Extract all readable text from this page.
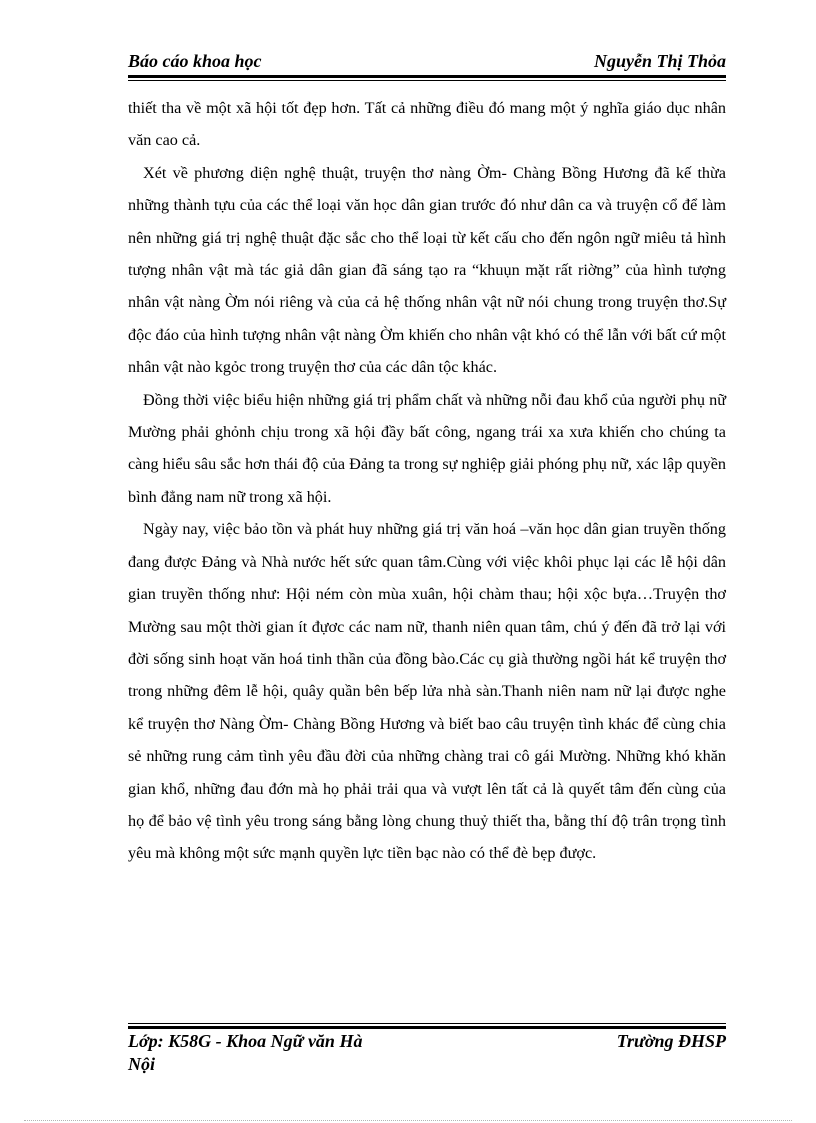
Báo cáo khoa học	Nguyễn Thị Thỏa

thiết tha về một xã hội tốt đẹp hơn. Tất cả những điều đó mang một ý nghĩa giáo dục nhân văn cao cả.

Xét về phương diện nghệ thuật, truyện thơ nàng Ờm- Chàng Bồng Hương đã kế thừa những thành tựu của các thể loại văn học dân gian trước đó như dân ca và truyện cổ để làm nên những giá trị nghệ thuật đặc sắc cho thể loại từ kết cấu cho đến ngôn ngữ miêu tả hình tượng nhân vật mà tác giả dân gian đã sáng tạo ra “khuụn mặt rất riờng” của hình tượng nhân vật nàng Ờm nói riêng và của cả hệ thống nhân vật nữ nói chung trong truyện thơ.Sự độc đáo của hình tượng nhân vật nàng Ờm khiến cho nhân vật khó có thể lẫn với bất cứ một nhân vật nào kgỏc trong truyện thơ của các dân tộc khác.

Đồng thời việc biểu hiện những giá trị phẩm chất và những nỗi đau khổ của người phụ nữ Mường phải ghỏnh chịu trong xã hội đầy bất công, ngang trái xa xưa khiến cho chúng ta càng hiểu sâu sắc hơn thái độ của Đảng ta trong sự nghiệp giải phóng phụ nữ, xác lập quyền bình đẳng nam nữ trong xã hội.

Ngày nay, việc bảo tồn và phát huy những giá trị văn hoá –văn học dân gian truyền thống đang được Đảng và Nhà nước hết sức quan tâm.Cùng với việc khôi phục lại các lễ hội dân gian truyền thống như: Hội ném còn mùa xuân, hội chàm thau; hội xộc bựa…Truyện thơ Mường sau một thời gian ít đựơc các nam nữ, thanh niên quan tâm, chú ý đến đã trở lại với đời sống sinh hoạt văn hoá tinh thần của đồng bào.Các cụ già thường ngồi hát kể truyện thơ trong những đêm lễ hội, quây quần bên bếp lửa nhà sàn.Thanh niên nam nữ lại được nghe kể truyện thơ Nàng Ờm- Chàng Bồng Hương và biết bao câu truyện tình khác để cùng chia sẻ những rung cảm tình yêu đầu đời của những chàng trai cô gái Mường. Những khó khăn gian khổ, những đau đớn mà họ phải trải qua và vượt lên tất cả là quyết tâm đến cùng của họ để bảo vệ tình yêu trong sáng bằng lòng chung thuỷ thiết tha, bằng thí độ trân trọng tình yêu mà không một sức mạnh quyền lực tiền bạc nào có thể đè bẹp được.

Lớp: K58G - Khoa Ngữ văn Hà Nội
Trường ĐHSP
